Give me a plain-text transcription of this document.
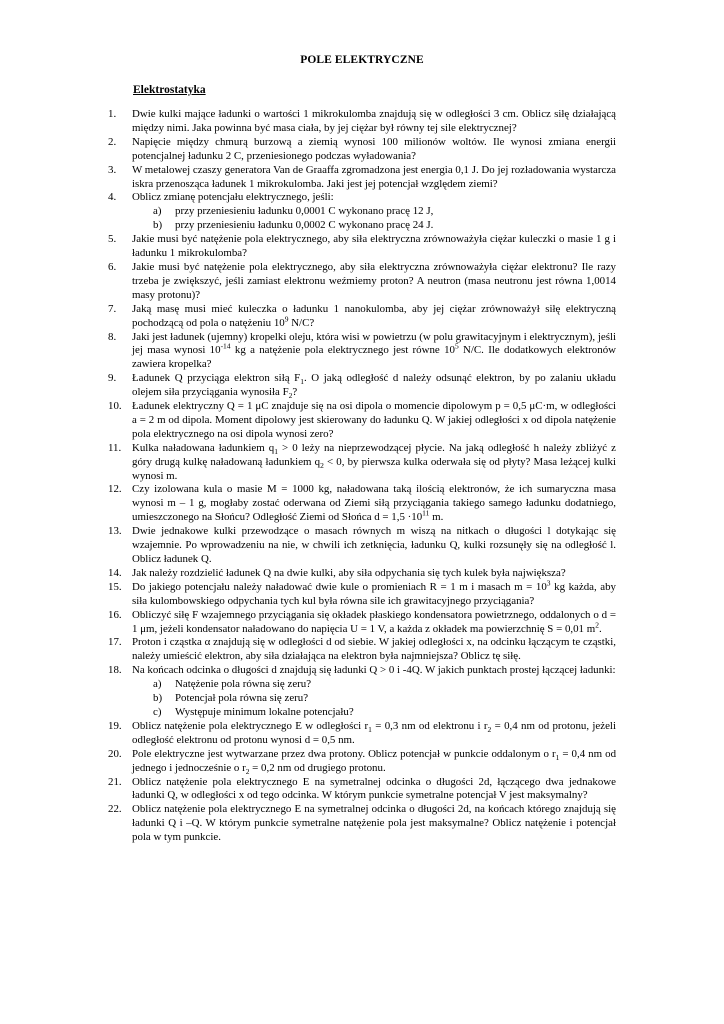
POLE ELEKTRYCZNE
Elektrostatyka
1.	Dwie kulki mające ładunki o wartości 1 mikrokulomba znajdują się w odległości 3 cm. Oblicz siłę działającą między nimi. Jaka powinna być masa ciała, by jej ciężar był równy tej sile elektrycznej?
2.	Napięcie między chmurą burzową a ziemią wynosi 100 milionów woltów. Ile wynosi zmiana energii potencjalnej ładunku 2 C, przeniesionego podczas wyładowania?
3.	W metalowej czaszy generatora Van de Graaffa zgromadzona jest energia 0,1 J. Do jej rozładowania wystarcza iskra przenosząca ładunek 1 mikrokulomba. Jaki jest jej potencjał względem ziemi?
4.	Oblicz zmianę potencjału elektrycznego, jeśli:
a) przy przeniesieniu ładunku 0,0001 C wykonano pracę 12 J,
b) przy przeniesieniu ładunku 0,0002 C wykonano pracę 24 J.
5.	Jakie musi być natężenie pola elektrycznego, aby siła elektryczna zrównoważyła ciężar kuleczki o masie 1 g i ładunku 1 mikrokulomba?
6.	Jakie musi być natężenie pola elektrycznego, aby siła elektryczna zrównoważyła ciężar elektronu? Ile razy trzeba je zwiększyć, jeśli zamiast elektronu weźmiemy proton? A neutron (masa neutronu jest równa 1,0014 masy protonu)?
7.	Jaką masę musi mieć kuleczka o ładunku 1 nanokulomba, aby jej ciężar zrównoważył siłę elektryczną pochodzącą od pola o natężeniu $10^9$ N/C?
8.	Jaki jest ładunek (ujemny) kropelki oleju, która wisi w powietrzu (w polu grawitacyjnym i elektrycznym), jeśli jej masa wynosi $10^{-14}$ kg a natężenie pola elektrycznego jest równe $10^5$ N/C. Ile dodatkowych elektronów zawiera kropelka?
9.	Ładunek Q przyciąga elektron siłą $F_1$. O jaką odległość d należy odsunąć elektron, by po zalaniu układu olejem siła przyciągania wynosiła $F_2$?
10. Ładunek elektryczny Q = 1 μC znajduje się na osi dipola o momencie dipolowym p = 0,5 μC·m, w odległości a = 2 m od dipola. Moment dipolowy jest skierowany do ładunku Q. W jakiej odległości x od dipola natężenie pola elektrycznego na osi dipola wynosi zero?
11. Kulka naładowana ładunkiem $q_1 > 0$ leży na nieprzewodzącej płycie. Na jaką odległość h należy zbliżyć z góry drugą kulkę naładowaną ładunkiem $q_2 < 0$, by pierwsza kulka oderwała się od płyty? Masa leżącej kulki wynosi m.
12. Czy izolowana kula o masie M = 1000 kg, naładowana taką ilością elektronów, że ich sumaryczna masa wynosi m – 1 g, mogłaby zostać oderwana od Ziemi siłą przyciągania takiego samego ładunku dodatniego, umieszczonego na Słońcu? Odległość Ziemi od Słońca $d = 1,5 \cdot 10^{11}$ m.
13. Dwie jednakowe kulki przewodzące o masach równych m wiszą na nitkach o długości l dotykając się wzajemnie. Po wprowadzeniu na nie, w chwili ich zetknięcia, ładunku Q, kulki rozsunęły się na odległość l. Oblicz ładunek Q.
14. Jak należy rozdzielić ładunek Q na dwie kulki, aby siła odpychania się tych kulek była największa?
15. Do jakiego potencjału należy naładować dwie kule o promieniach R = 1 m i masach $m = 10^3$ kg każda, aby siła kulombowskiego odpychania tych kul była równa sile ich grawitacyjnego przyciągania?
16. Obliczyć siłę F wzajemnego przyciągania się okładek płaskiego kondensatora powietrznego, oddalonych o d = 1 μm, jeżeli kondensator naładowano do napięcia U = 1 V, a każda z okładek ma powierzchnię S = 0,01 $m^2$.
17. Proton i cząstka α znajdują się w odległości d od siebie. W jakiej odległości x, na odcinku łączącym te cząstki, należy umieścić elektron, aby siła działająca na elektron była najmniejsza? Oblicz tę siłę.
18. Na końcach odcinka o długości d znajdują się ładunki Q > 0 i -4Q. W jakich punktach prostej łączącej ładunki:
a) Natężenie pola równa się zeru?
b) Potencjał pola równa się zeru?
c) Występuje minimum lokalne potencjału?
19. Oblicz natężenie pola elektrycznego E w odległości $r_1 = 0,3$ nm od elektronu i $r_2 = 0,4$ nm od protonu, jeżeli odległość elektronu od protonu wynosi d = 0,5 nm.
20. Pole elektryczne jest wytwarzane przez dwa protony. Oblicz potencjał w punkcie oddalonym o $r_1 = 0,4$ nm od jednego i jednocześnie o $r_2 = 0,2$ nm od drugiego protonu.
21. Oblicz natężenie pola elektrycznego E na symetralnej odcinka o długości 2d, łączącego dwa jednakowe ładunki Q, w odległości x od tego odcinka. W którym punkcie symetralne potencjał V jest maksymalny?
22. Oblicz natężenie pola elektrycznego E na symetralnej odcinka o długości 2d, na końcach którego znajdują się ładunki Q i –Q. W którym punkcie symetralne natężenie pola jest maksymalne? Oblicz natężenie i potencjał pola w tym punkcie.
